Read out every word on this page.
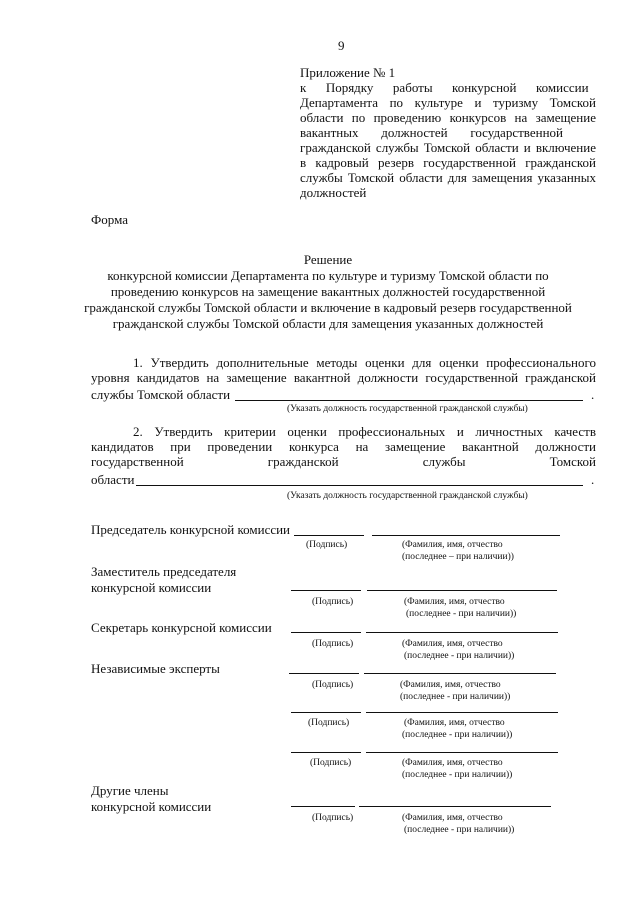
9
Приложение № 1
к      Порядку      работы      конкурсной      комиссии
Департамента по культуре и туризму Томской
области по проведению конкурсов на замещение
вакантных       должностей       государственной
гражданской службы Томской области и включение
в кадровый резерв государственной гражданской
службы Томской области для замещения указанных
должностей
Форма
Решение
конкурсной комиссии Департамента по культуре и туризму Томской области по
проведению конкурсов на замещение вакантных должностей государственной
гражданской службы Томской области и включение в кадровый резерв государственной
гражданской службы Томской области для замещения указанных должностей
1. Утвердить дополнительные методы оценки для оценки профессионального
уровня кандидатов на замещение вакантной должности государственной гражданской
службы Томской области	.
(Указать должность государственной гражданской службы)
2. Утвердить критерии оценки профессиональных и личностных качеств
кандидатов при проведении конкурса на замещение вакантной должности
государственной гражданской службы Томской
области	.
(Указать должность государственной гражданской службы)
Председатель конкурсной комиссии
(Подпись)	(Фамилия, имя, отчество
(последнее – при наличии))
Заместитель председателя
конкурсной комиссии
(Подпись)	(Фамилия, имя, отчество
(последнее - при наличии))
Секретарь конкурсной комиссии
(Подпись)	(Фамилия, имя, отчество
(последнее - при наличии))
Независимые эксперты
(Подпись)	(Фамилия, имя, отчество
(последнее - при наличии))
(Подпись)	(Фамилия, имя, отчество
(последнее - при наличии))
(Подпись)	(Фамилия, имя, отчество
(последнее - при наличии))
Другие члены
конкурсной комиссии
(Подпись)	(Фамилия, имя, отчество
(последнее - при наличии))
